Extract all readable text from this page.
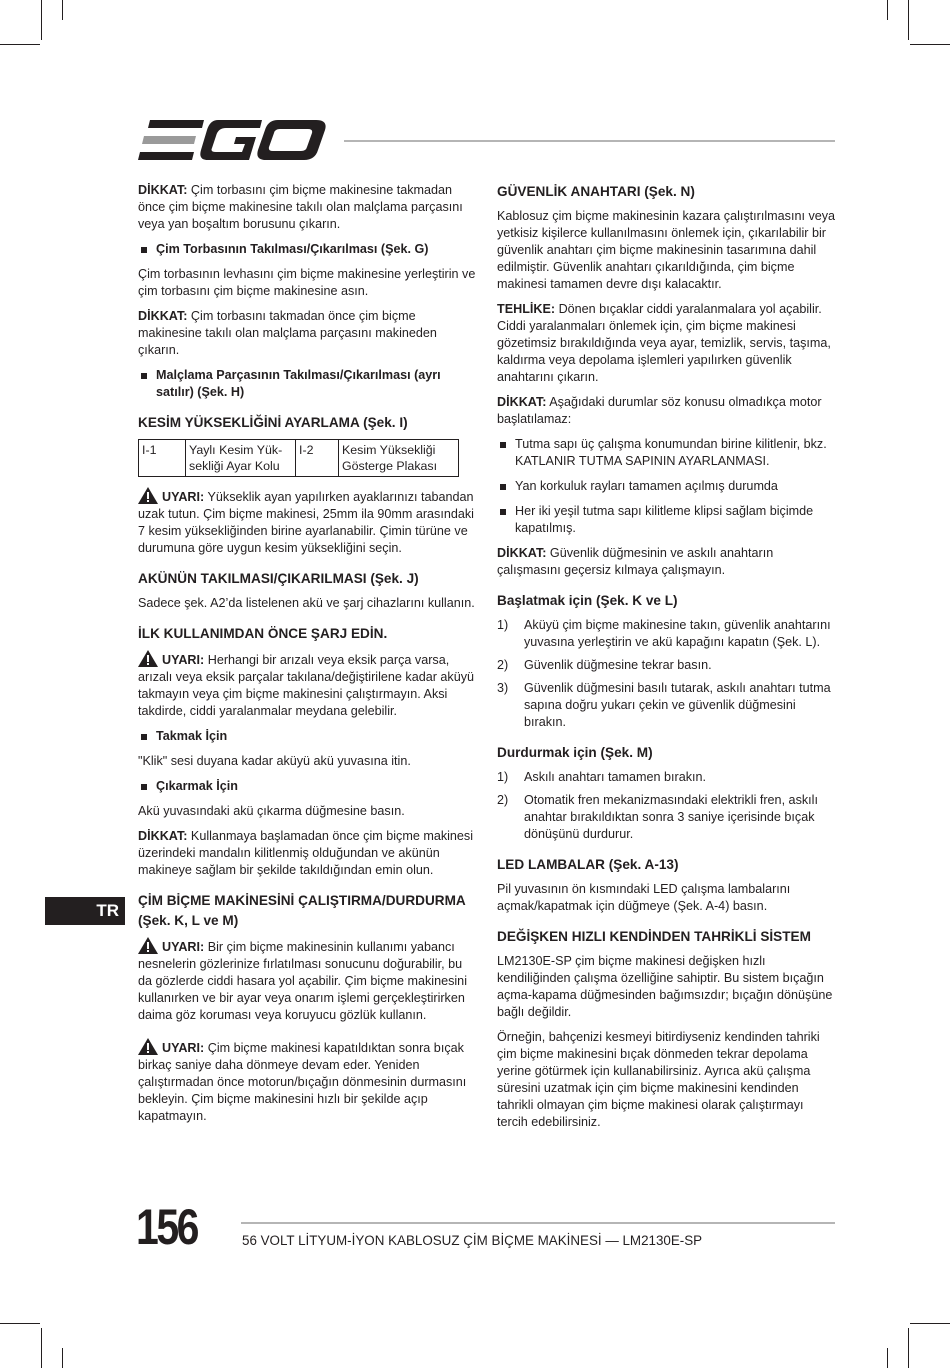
DİKKAT: Çim torbasını çim biçme makinesine takmadan önce çim biçme makinesine takılı olan malçlama parçasını veya yan boşaltım borusunu çıkarın.

Çim Torbasının Takılması/Çıkarılması (Şek. G)

Çim torbasının levhasını çim biçme makinesine yerleştirin ve çim torbasını çim biçme makinesine asın.

DİKKAT: Çim torbasını takmadan önce çim biçme makinesine takılı olan malçlama parçasını makineden çıkarın.

Malçlama Parçasının Takılması/Çıkarılması (ayrı satılır) (Şek. H)
KESİM YÜKSEKLİĞİNİ AYARLAMA (Şek. I)
I-1	Yaylı Kesim Yük-sekliği Ayar Kolu	I-2	Kesim Yüksekliği Gösterge Plakası

UYARI: Yükseklik ayan yapılırken ayaklarınızı tabandan uzak tutun. Çim biçme makinesi, 25mm ila 90mm arasındaki 7 kesim yüksekliğinden birine ayarlanabilir. Çimin türüne ve durumuna göre uygun kesim yüksekliğini seçin.

AKÜNÜN TAKILMASI/ÇIKARILMASI (Şek. J)

Sadece şek. A2’da listelenen akü ve şarj cihazlarını kullanın.

İLK KULLANIMDAN ÖNCE ŞARJ EDİN.

UYARI: Herhangi bir arızalı veya eksik parça varsa, arızalı veya eksik parçalar takılana/değiştirilene kadar aküyü takmayın veya çim biçme makinesini çalıştırmayın. Aksi takdirde, ciddi yaralanmalar meydana gelebilir.

Takmak İçin

"Klik" sesi duyana kadar aküyü akü yuvasına itin.

Çıkarmak İçin

Akü yuvasındaki akü çıkarma düğmesine basın.

DİKKAT: Kullanmaya başlamadan önce çim biçme makinesi üzerindeki mandalın kilitlenmiş olduğundan ve akünün makineye sağlam bir şekilde takıldığından emin olun.

ÇİM BİÇME MAKİNESİNİ ÇALIŞTIRMA/DURDURMA (Şek. K, L ve M)

UYARI: Bir çim biçme makinesinin kullanımı yabancı nesnelerin gözlerinize fırlatılması sonucunu doğurabilir, bu da gözlerde ciddi hasara yol açabilir. Çim biçme makinesini kullanırken ve bir ayar veya onarım işlemi gerçekleştirirken daima göz koruması veya koruyucu gözlük kullanın.

UYARI: Çim biçme makinesi kapatıldıktan sonra bıçak birkaç saniye daha dönmeye devam eder. Yeniden çalıştırmadan önce motorun/bıçağın dönmesinin durmasını bekleyin. Çim biçme makinesini hızlı bir şekilde açıp kapatmayın.

GÜVENLİK ANAHTARI (Şek. N)

Kablosuz çim biçme makinesinin kazara çalıştırılmasını veya yetkisiz kişilerce kullanılmasını önlemek için, çıkarılabilir bir güvenlik anahtarı çim biçme makinesinin tasarımına dahil edilmiştir. Güvenlik anahtarı çıkarıldığında, çim biçme makinesi tamamen devre dışı kalacaktır.

TEHLİKE: Dönen bıçaklar ciddi yaralanmalara yol açabilir. Ciddi yaralanmaları önlemek için, çim biçme makinesi gözetimsiz bırakıldığında veya ayar, temizlik, servis, taşıma, kaldırma veya depolama işlemleri yapılırken güvenlik anahtarını çıkarın.

DİKKAT: Aşağıdaki durumlar söz konusu olmadıkça motor başlatılamaz:

Tutma sapı üç çalışma konumundan birine kilitlenir, bkz. KATLANIR TUTMA SAPININ AYARLANMASI.
Yan korkuluk rayları tamamen açılmış durumda
Her iki yeşil tutma sapı kilitleme klipsi sağlam biçimde kapatılmış.

DİKKAT: Güvenlik düğmesinin ve askılı anahtarın çalışmasını geçersiz kılmaya çalışmayın.

Başlatmak için (Şek. K ve L)
1) Aküyü çim biçme makinesine takın, güvenlik anahtarını yuvasına yerleştirin ve akü kapağını kapatın (Şek. L).
2) Güvenlik düğmesine tekrar basın.
3) Güvenlik düğmesini basılı tutarak, askılı anahtarı tutma sapına doğru yukarı çekin ve güvenlik düğmesini bırakın.
Durdurmak için (Şek. M)
1) Askılı anahtarı tamamen bırakın.
2) Otomatik fren mekanizmasındaki elektrikli fren, askılı anahtar bırakıldıktan sonra 3 saniye içerisinde bıçak dönüşünü durdurur.
LED LAMBALAR (Şek. A-13)

Pil yuvasının ön kısmındaki LED çalışma lambalarını açmak/kapatmak için düğmeye (Şek. A-4) basın.

DEĞİŞKEN HIZLI KENDİNDEN TAHRİKLİ SİSTEM

LM2130E-SP çim biçme makinesi değişken hızlı kendiliğinden çalışma özelliğine sahiptir. Bu sistem bıçağın açma-kapama düğmesinden bağımsızdır; bıçağın dönüşüne bağlı değildir.

Örneğin, bahçenizi kesmeyi bitirdiyseniz kendinden tahriki çim biçme makinesini bıçak dönmeden tekrar depolama yerine götürmek için kullanabilirsiniz. Ayrıca akü çalışma süresini uzatmak için çim biçme makinesini kendinden tahrikli olmayan çim biçme makinesi olarak çalıştırmayı tercih edebilirsiniz.

TR
156	56 VOLT LİTYUM-İYON KABLOSUZ ÇİM BİÇME MAKİNESİ — LM2130E-SP
